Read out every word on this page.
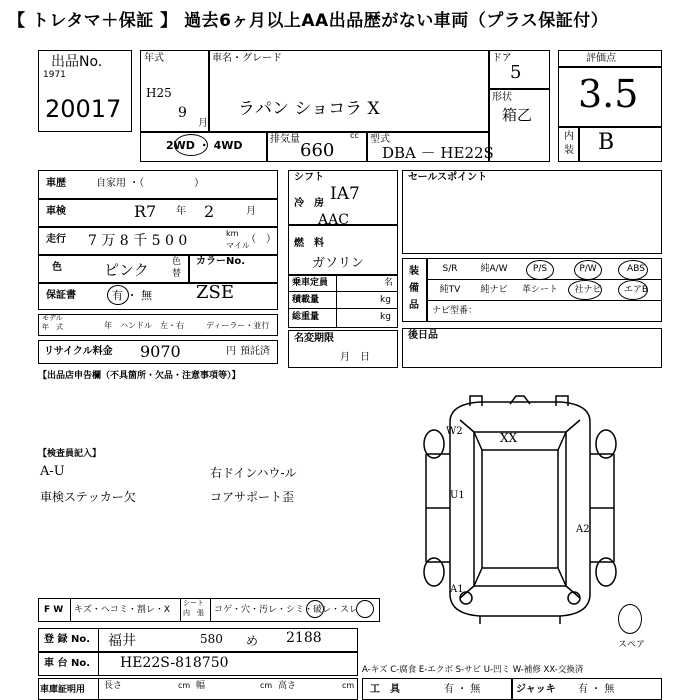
【 トレタマ＋保証 】 過去6ヶ月以上AA出品歴がない車両（プラス保証付）
出品No.
1971
20017
年式
H25
9
月
車名・グレード
ラパン ショコラ X
ドア
5
形状
箱乙
2WD ・ 4WD	排気量	cc
660
型式
DBA － HE22S
評価点
3.5
内
装 B
車歴	自家用 ・（　　　　　）
車検	R7 年 2	月
走行 7 万 8 千 5 0 0	km
マイル
（　）
色	ピンク	色
替
カラーNo.
保証書	有 ・ 無 ZSE
モデル
年　式	年 ハンドル　左・右	ディーラー・並行
リサイクル料金 9070	円 預託済
シフト
IA7
冷　房
AAC
燃　料
ガソリン
乗車定員	名
積載量	kg
総重量	kg
名変期限
月　日
セールスポイント
装
備
品
S/R	純A/W	P/S	P/W	ABS
純TV	純ナビ	革シート	社ナビ	エアB
ナビ型番：
後日品
【出品店申告欄（不具箇所・欠品・注意事項等）】
【検査員記入】
A-U	右ドインハウ-ル
車検ステッカー欠	コアサポート歪
XX
W2
U1
A2
A1
スペア
F W キズ・ヘコミ・割レ・X
シート
内　張 コゲ・穴・汚レ・シミ・破レ・スレ
登 録 No. 福井	580 め 2188
車 台 No. HE22S-818750	A-キズ C-腐食 E-エクボ S-サビ U-凹ミ W-補修 XX-交換済
車庫証明用 長さ	cm 幅	cm 高さ	cm 工　具	有 ・ 無	ジャッキ 有 ・ 無
